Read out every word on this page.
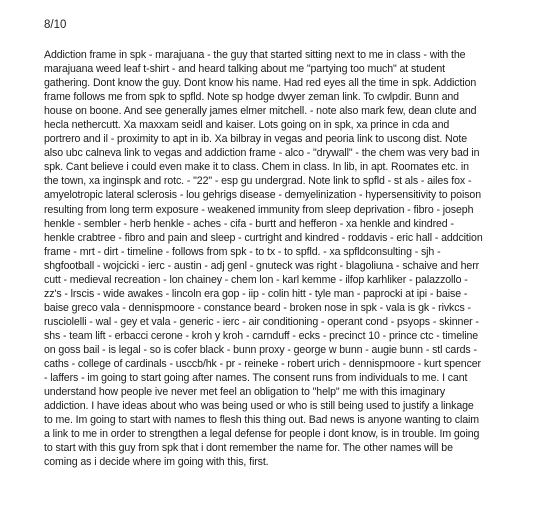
8/10
Addiction frame in spk - marajuana - the guy that started sitting next to me in class - with the
marajuana weed leaf t-shirt - and heard talking about me "partying too much" at student
gathering. Dont know the guy. Dont know his name. Had red eyes all the time in spk. Addiction
frame follows me from spk to spfld. Note sp hodge dwyer zeman link. To cwlpdir. Bunn and
house on boone. And see generally james elmer mitchell. - note also mark few, dean clute and
hecla nethercutt. Xa maxxam seidl and kaiser. Lots going on in spk, xa prince in cda and
portrero and il - proximity to apt in ib. Xa bilbray in vegas and peoria link to uscong dist. Note
also ubc calneva link to vegas and addiction frame - alco - "drywall" - the chem was very bad in
spk. Cant believe i could even make it to class. Chem in class. In lib, in apt. Roomates etc. in
the town, xa inginspk and rotc. - "22" - esp gu undergrad. Note link to spfld - st als - ailes fox -
amyelotropic lateral sclerosis - lou gehrigs disease - demyelinization - hypersensitivity to poison
resulting from long term exposure - weakened immunity from sleep deprivation - fibro - joseph
henkle - sembler - herb henkle - aches - cifa - burtt and hefferon - xa henkle and kindred -
henkle crabtree - fibro and pain and sleep - curtright and kindred - roddavis - eric hall - addcition
frame - mrt - dirt - timeline - follows from spk - to tx - to spfld. - xa spfldconsulting - sjh -
shgfootball - wojcicki - ierc - austin - adj genl - gnuteck was right - blagoliuna - schaive and herr
cutt - medieval recreation - lon chainey - chem lon - karl kemme - ilfop karhliker - palazzollo -
zz's - lrscis - wide awakes - lincoln era gop - iip - colin hitt - tyle man - paprocki at ipi - baise -
baise greco vala - dennispmoore - constance beard - broken nose in spk - vala is gk - rivkcs -
rusciolelli - wal - gey et vala - generic - ierc - air conditioning - operant cond - psyops - skinner -
shs - team lift - erbacci cerone - kroh y kroh - carnduff - ecks - precinct 10 - prince ctc - timeline
on goss bail - is legal - so is cofer black - bunn proxy - george w bunn - augie bunn - stl cards -
caths - college of cardinals - usccb/hk - pr - reineke - robert urich - dennispmoore - kurt spencer
- laffers - im going to start going after names. The consent runs from individuals to me. I cant
understand how people ive never met feel an obligation to "help" me with this imaginary
addiction. I have ideas about who was being used or who is still being used to justify a linkage
to me. Im going to start with names to flesh this thing out. Bad news is anyone wanting to claim
a link to me in order to strengthen a legal defense for people i dont know, is in trouble. Im going
to start with this guy from spk that i dont remember the name for. The other names will be
coming as i decide where im going with this, first.
